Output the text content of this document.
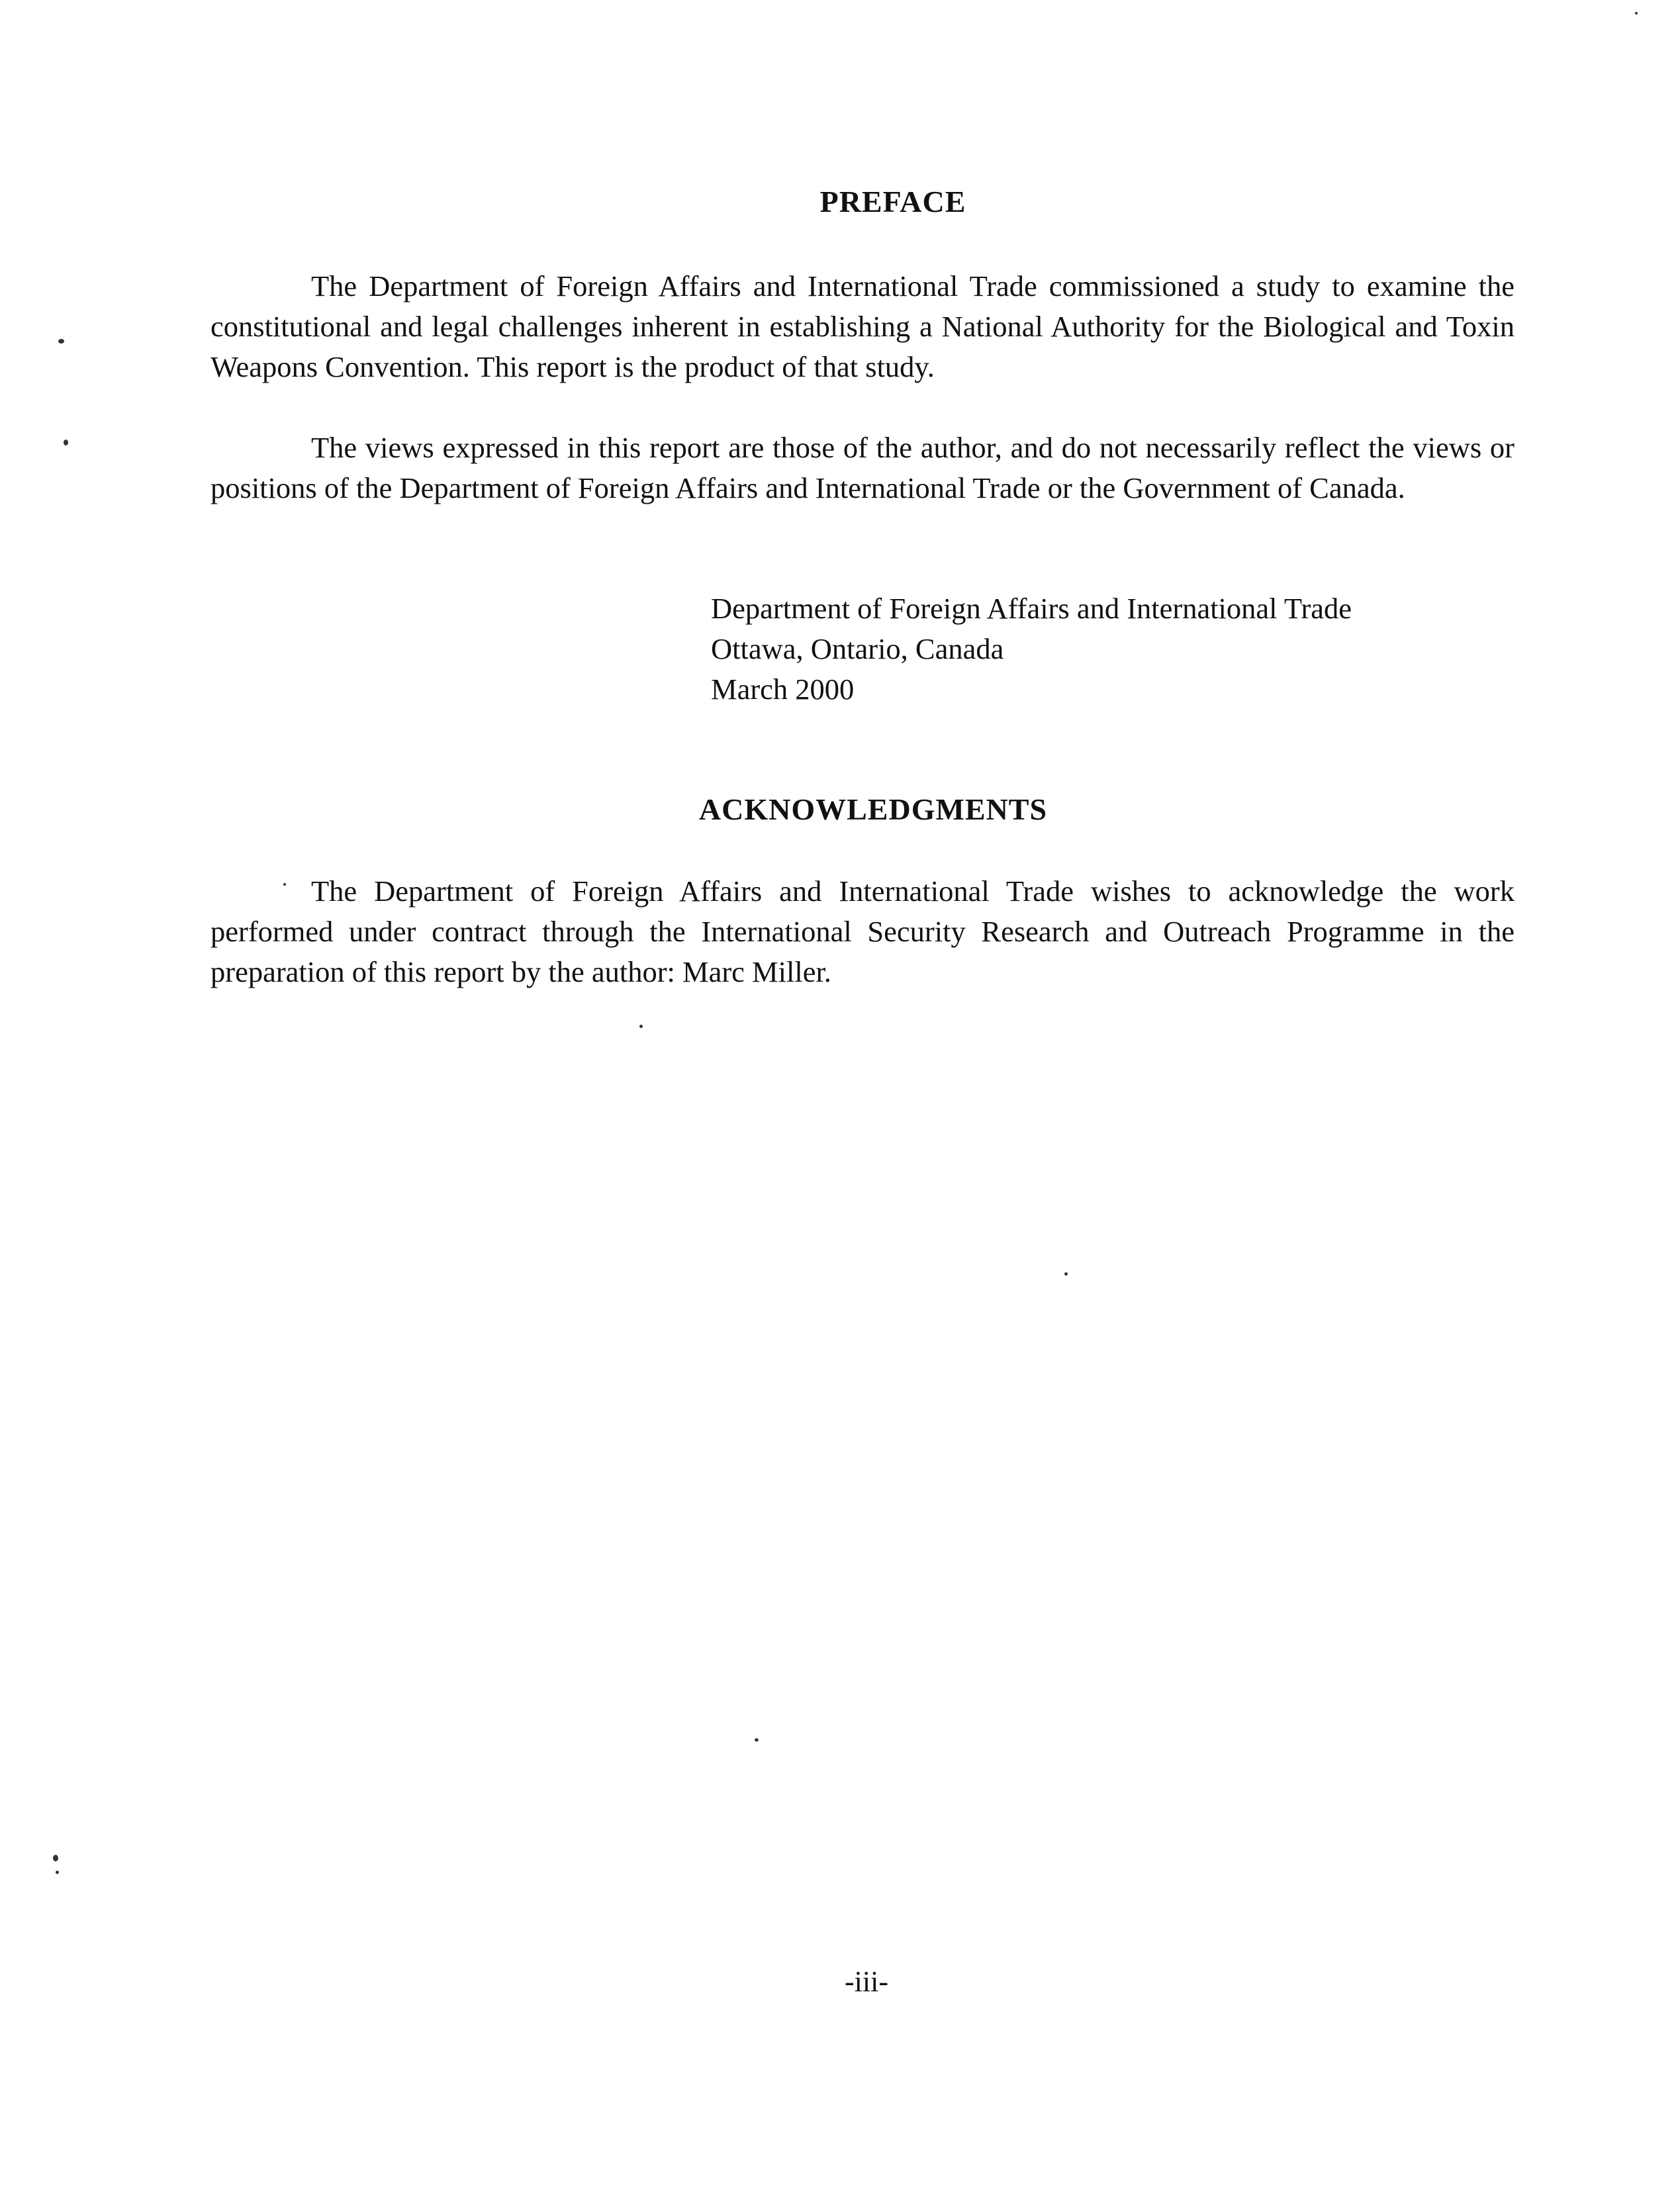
PREFACE

The Department of Foreign Affairs and International Trade commissioned a study to examine the constitutional and legal challenges inherent in establishing a National Authority for the Biological and Toxin Weapons Convention. This report is the product of that study.

The views expressed in this report are those of the author, and do not necessarily reflect the views or positions of the Department of Foreign Affairs and International Trade or the Government of Canada.

Department of Foreign Affairs and International Trade
Ottawa, Ontario, Canada
March 2000
ACKNOWLEDGMENTS

The Department of Foreign Affairs and International Trade wishes to acknowledge the work performed under contract through the International Security Research and Outreach Programme in the preparation of this report by the author: Marc Miller.

-iii-
